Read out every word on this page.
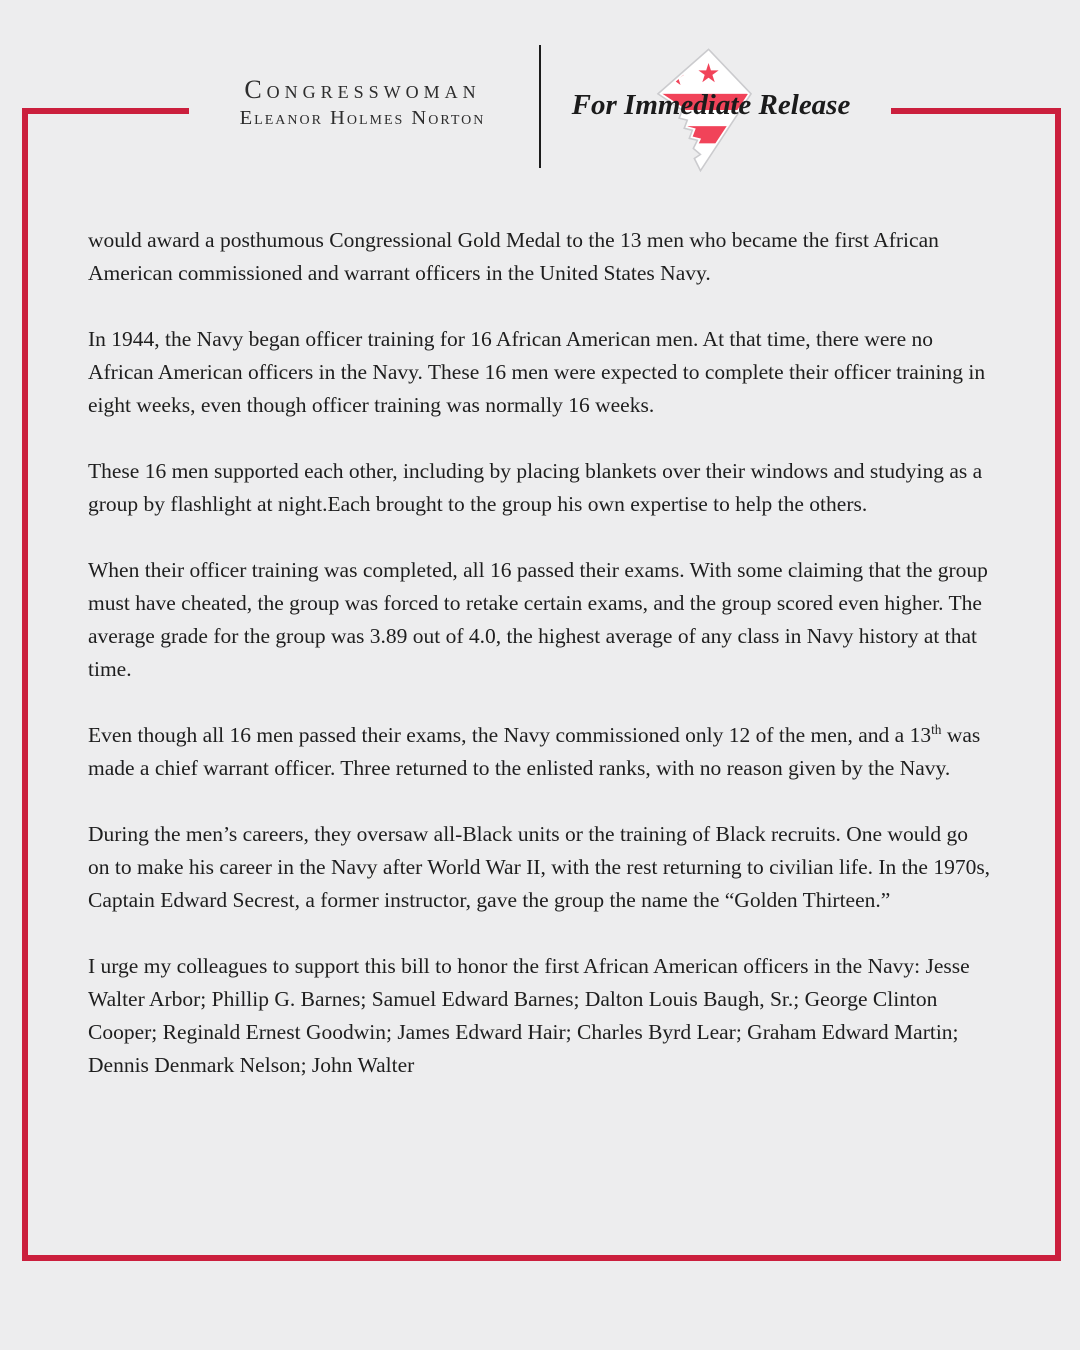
Congresswoman
Eleanor Holmes Norton	For Immediate Release

would award a posthumous Congressional Gold Medal to the 13 men who became the first African American commissioned and warrant officers in the United States Navy.

In 1944, the Navy began officer training for 16 African American men. At that time, there were no African American officers in the Navy. These 16 men were expected to complete their officer training in eight weeks, even though officer training was normally 16 weeks.

These 16 men supported each other, including by placing blankets over their windows and studying as a group by flashlight at night.Each brought to the group his own expertise to help the others.

When their officer training was completed, all 16 passed their exams. With some claiming that the group must have cheated, the group was forced to retake certain exams, and the group scored even higher. The average grade for the group was 3.89 out of 4.0, the highest average of any class in Navy history at that time.

Even though all 16 men passed their exams, the Navy commissioned only 12 of the men, and a 13th was made a chief warrant officer. Three returned to the enlisted ranks, with no reason given by the Navy.

During the men’s careers, they oversaw all-Black units or the training of Black recruits. One would go on to make his career in the Navy after World War II, with the rest returning to civilian life. In the 1970s, Captain Edward Secrest, a former instructor, gave the group the name the “Golden Thirteen.”

I urge my colleagues to support this bill to honor the first African American officers in the Navy: Jesse Walter Arbor; Phillip G. Barnes; Samuel Edward Barnes; Dalton Louis Baugh, Sr.; George Clinton Cooper; Reginald Ernest Goodwin; James Edward Hair; Charles Byrd Lear; Graham Edward Martin; Dennis Denmark Nelson; John Walter
